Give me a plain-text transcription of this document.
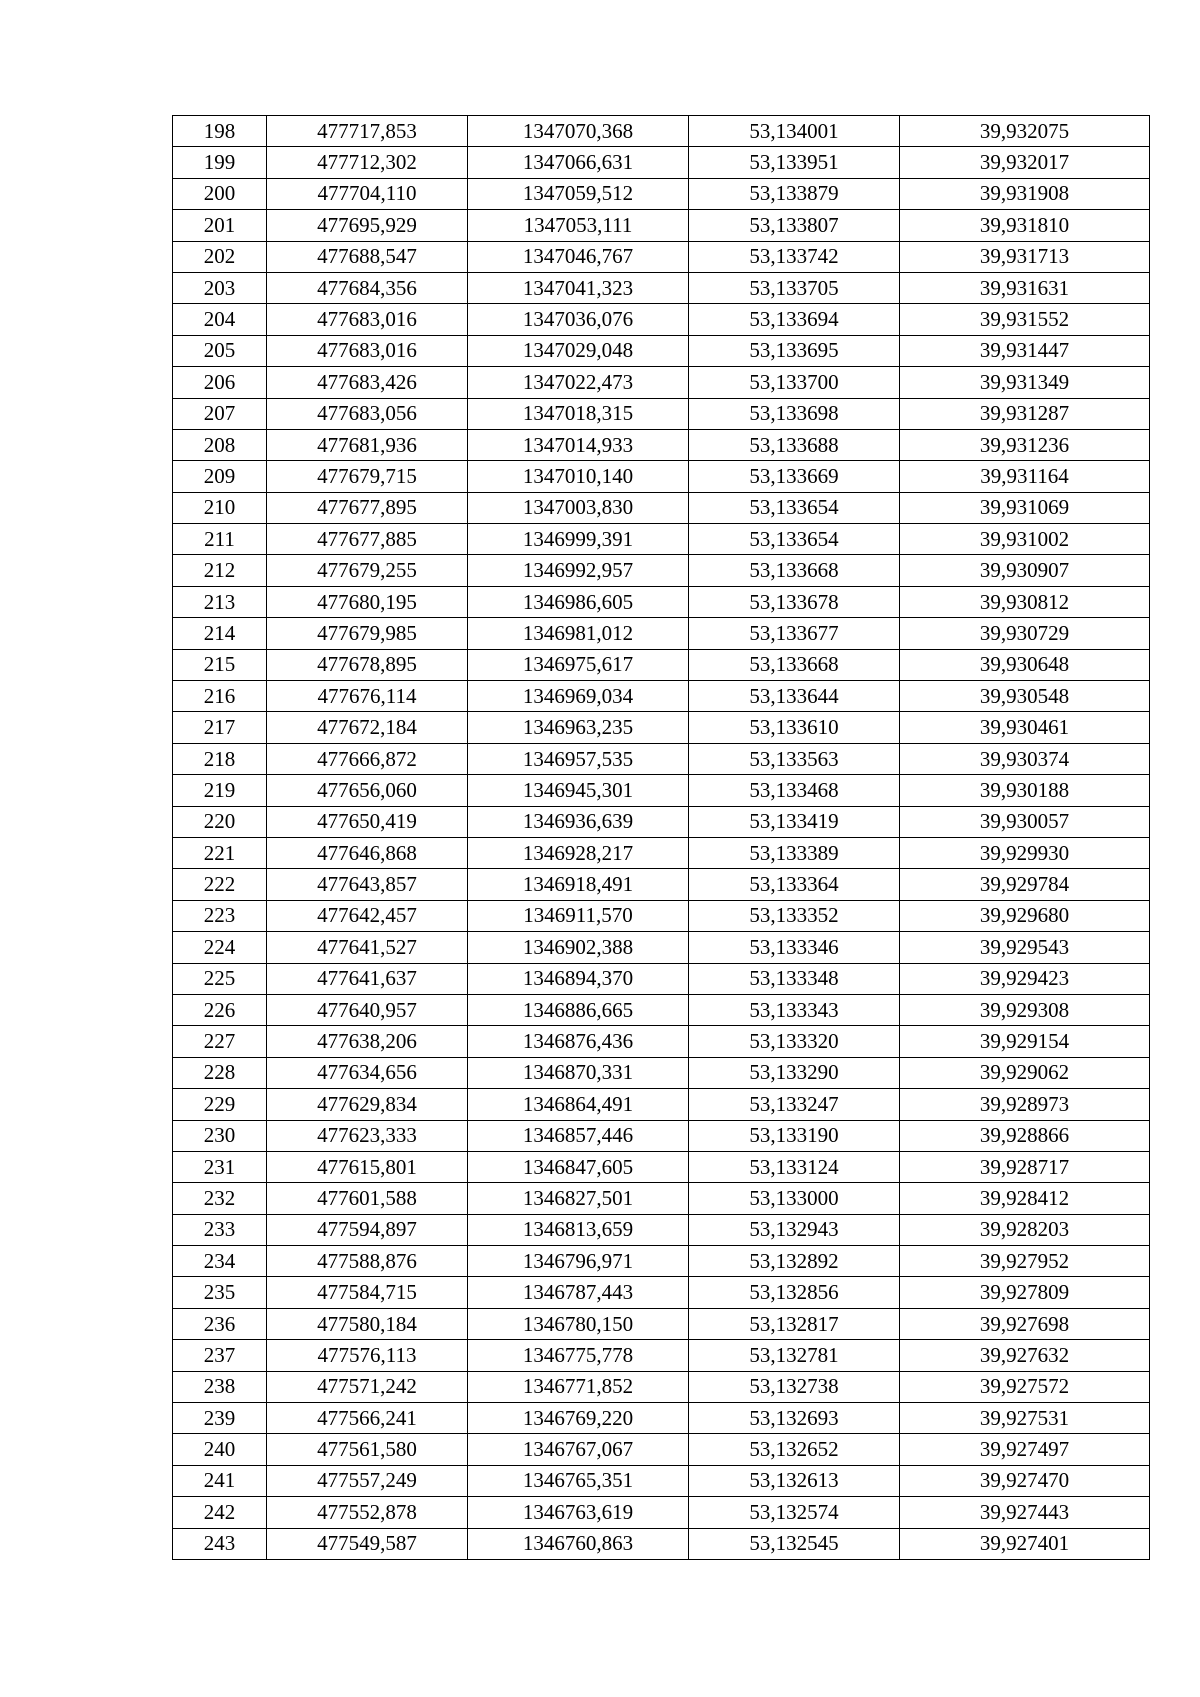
198	477717,853	1347070,368	53,134001	39,932075
199	477712,302	1347066,631	53,133951	39,932017
200	477704,110	1347059,512	53,133879	39,931908
201	477695,929	1347053,111	53,133807	39,931810
202	477688,547	1347046,767	53,133742	39,931713
203	477684,356	1347041,323	53,133705	39,931631
204	477683,016	1347036,076	53,133694	39,931552
205	477683,016	1347029,048	53,133695	39,931447
206	477683,426	1347022,473	53,133700	39,931349
207	477683,056	1347018,315	53,133698	39,931287
208	477681,936	1347014,933	53,133688	39,931236
209	477679,715	1347010,140	53,133669	39,931164
210	477677,895	1347003,830	53,133654	39,931069
211	477677,885	1346999,391	53,133654	39,931002
212	477679,255	1346992,957	53,133668	39,930907
213	477680,195	1346986,605	53,133678	39,930812
214	477679,985	1346981,012	53,133677	39,930729
215	477678,895	1346975,617	53,133668	39,930648
216	477676,114	1346969,034	53,133644	39,930548
217	477672,184	1346963,235	53,133610	39,930461
218	477666,872	1346957,535	53,133563	39,930374
219	477656,060	1346945,301	53,133468	39,930188
220	477650,419	1346936,639	53,133419	39,930057
221	477646,868	1346928,217	53,133389	39,929930
222	477643,857	1346918,491	53,133364	39,929784
223	477642,457	1346911,570	53,133352	39,929680
224	477641,527	1346902,388	53,133346	39,929543
225	477641,637	1346894,370	53,133348	39,929423
226	477640,957	1346886,665	53,133343	39,929308
227	477638,206	1346876,436	53,133320	39,929154
228	477634,656	1346870,331	53,133290	39,929062
229	477629,834	1346864,491	53,133247	39,928973
230	477623,333	1346857,446	53,133190	39,928866
231	477615,801	1346847,605	53,133124	39,928717
232	477601,588	1346827,501	53,133000	39,928412
233	477594,897	1346813,659	53,132943	39,928203
234	477588,876	1346796,971	53,132892	39,927952
235	477584,715	1346787,443	53,132856	39,927809
236	477580,184	1346780,150	53,132817	39,927698
237	477576,113	1346775,778	53,132781	39,927632
238	477571,242	1346771,852	53,132738	39,927572
239	477566,241	1346769,220	53,132693	39,927531
240	477561,580	1346767,067	53,132652	39,927497
241	477557,249	1346765,351	53,132613	39,927470
242	477552,878	1346763,619	53,132574	39,927443
243	477549,587	1346760,863	53,132545	39,927401
